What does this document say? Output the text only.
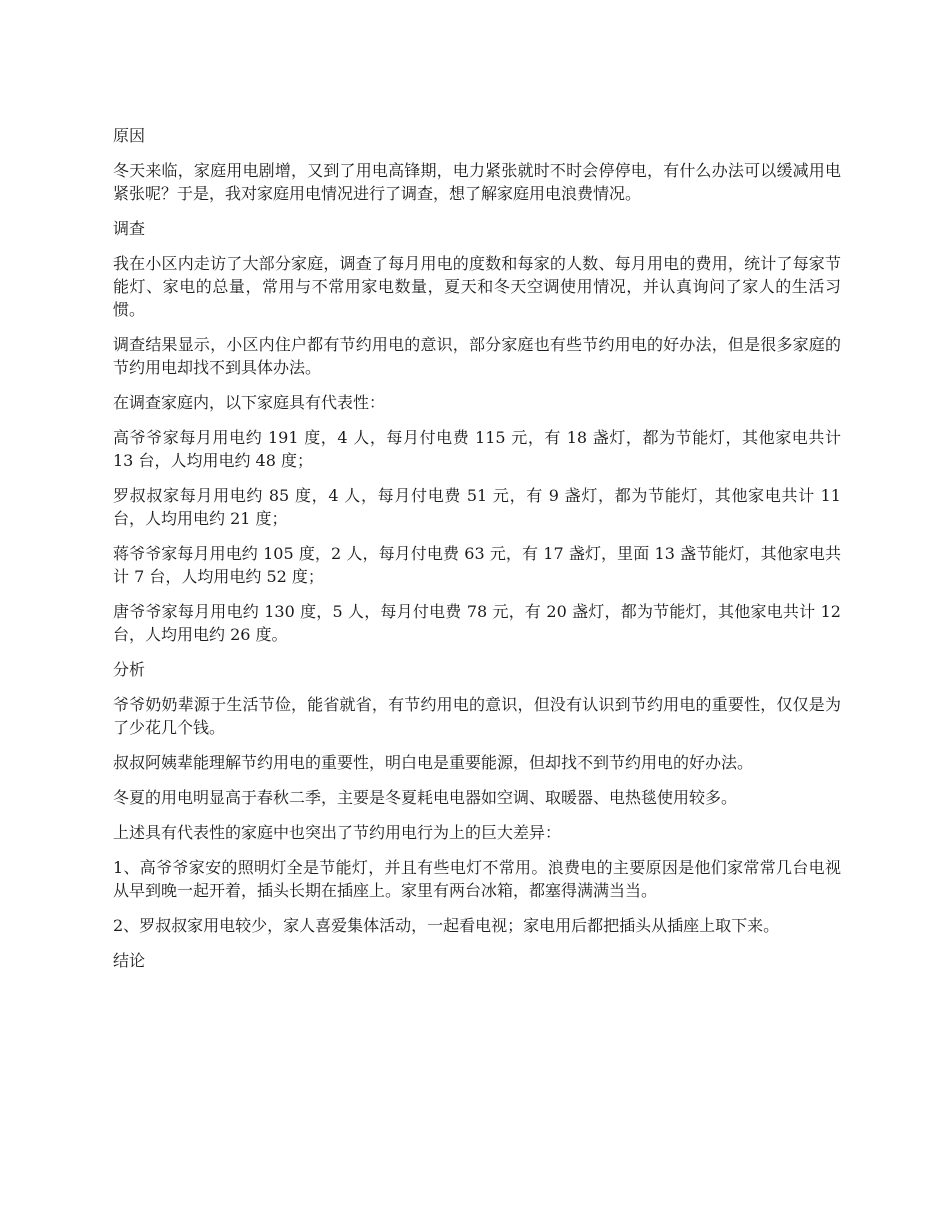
原因

冬天来临，家庭用电剧增，又到了用电高锋期，电力紧张就时不时会停停电，有什么办法可以缓减用电紧张呢？于是，我对家庭用电情况进行了调查，想了解家庭用电浪费情况。

调查

我在小区内走访了大部分家庭，调查了每月用电的度数和每家的人数、每月用电的费用，统计了每家节能灯、家电的总量，常用与不常用家电数量，夏天和冬天空调使用情况，并认真询问了家人的生活习惯。

调查结果显示，小区内住户都有节约用电的意识，部分家庭也有些节约用电的好办法，但是很多家庭的节约用电却找不到具体办法。

在调查家庭内，以下家庭具有代表性：

高爷爷家每月用电约 191 度，4 人，每月付电费 115 元，有 18 盏灯，都为节能灯，其他家电共计 13 台，人均用电约 48 度；

罗叔叔家每月用电约 85 度，4 人，每月付电费 51 元，有 9 盏灯，都为节能灯，其他家电共计 11 台，人均用电约 21 度；

蒋爷爷家每月用电约 105 度，2 人，每月付电费 63 元，有 17 盏灯，里面 13 盏节能灯，其他家电共计 7 台，人均用电约 52 度；

唐爷爷家每月用电约 130 度，5 人，每月付电费 78 元，有 20 盏灯，都为节能灯，其他家电共计 12 台，人均用电约 26 度。

分析

爷爷奶奶辈源于生活节俭，能省就省，有节约用电的意识，但没有认识到节约用电的重要性，仅仅是为了少花几个钱。

叔叔阿姨辈能理解节约用电的重要性，明白电是重要能源，但却找不到节约用电的好办法。

冬夏的用电明显高于春秋二季，主要是冬夏耗电电器如空调、取暖器、电热毯使用较多。

上述具有代表性的家庭中也突出了节约用电行为上的巨大差异：

1、高爷爷家安的照明灯全是节能灯，并且有些电灯不常用。浪费电的主要原因是他们家常常几台电视从早到晚一起开着，插头长期在插座上。家里有两台冰箱，都塞得满满当当。

2、罗叔叔家用电较少，家人喜爱集体活动，一起看电视；家电用后都把插头从插座上取下来。

结论
